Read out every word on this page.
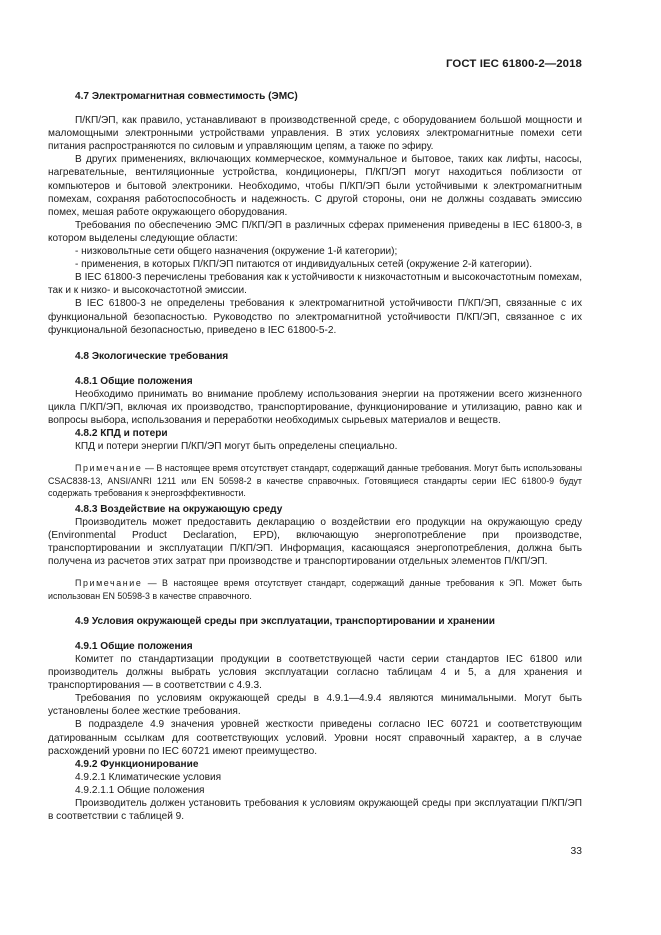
ГОСТ IEC 61800-2—2018

4.7 Электромагнитная совместимость (ЭМС)

П/КП/ЭП, как правило, устанавливают в производственной среде, с оборудованием большой мощности и маломощными электронными устройствами управления. В этих условиях электромагнитные помехи сети питания распространяются по силовым и управляющим цепям, а также по эфиру.

В других применениях, включающих коммерческое, коммунальное и бытовое, таких как лифты, насосы, нагревательные, вентиляционные устройства, кондиционеры, П/КП/ЭП могут находиться поблизости от компьютеров и бытовой электроники. Необходимо, чтобы П/КП/ЭП были устойчивыми к электромагнитным помехам, сохраняя работоспособность и надежность. С другой стороны, они не должны создавать эмиссию помех, мешая работе окружающего оборудования.

Требования по обеспечению ЭМС П/КП/ЭП в различных сферах применения приведены в IEC 61800-3, в котором выделены следующие области:

- низковольтные сети общего назначения (окружение 1-й категории);

- применения, в которых П/КП/ЭП питаются от индивидуальных сетей (окружение 2-й категории).

В IEC 61800-3 перечислены требования как к устойчивости к низкочастотным и высокочастотным помехам, так и к низко- и высокочастотной эмиссии.

В IEC 61800-3 не определены требования к электромагнитной устойчивости П/КП/ЭП, связанные с их функциональной безопасностью. Руководство по электромагнитной устойчивости П/КП/ЭП, связанное с их функциональной безопасностью, приведено в IEC 61800-5-2.

4.8 Экологические требования

4.8.1 Общие положения

Необходимо принимать во внимание проблему использования энергии на протяжении всего жизненного цикла П/КП/ЭП, включая их производство, транспортирование, функционирование и утилизацию, равно как и вопросы выбора, использования и переработки необходимых сырьевых материалов и веществ.

4.8.2 КПД и потери

КПД и потери энергии П/КП/ЭП могут быть определены специально.

Примечание — В настоящее время отсутствует стандарт, содержащий данные требования. Могут быть использованы CSAC838-13, ANSI/ANRI 1211 или EN 50598-2 в качестве справочных. Готовящиеся стандарты серии IEC 61800-9 будут содержать требования к энергоэффективности.

4.8.3 Воздействие на окружающую среду

Производитель может предоставить декларацию о воздействии его продукции на окружающую среду (Environmental Product Declaration, EPD), включающую энергопотребление при производстве, транспортировании и эксплуатации П/КП/ЭП. Информация, касающаяся энергопотребления, должна быть получена из расчетов этих затрат при производстве и транспортировании отдельных элементов П/КП/ЭП.

Примечание — В настоящее время отсутствует стандарт, содержащий данные требования к ЭП. Может быть использован EN 50598-3 в качестве справочного.

4.9 Условия окружающей среды при эксплуатации, транспортировании и хранении

4.9.1 Общие положения

Комитет по стандартизации продукции в соответствующей части серии стандартов IEC 61800 или производитель должны выбрать условия эксплуатации согласно таблицам 4 и 5, а для хранения и транспортирования — в соответствии с 4.9.3.

Требования по условиям окружающей среды в 4.9.1—4.9.4 являются минимальными. Могут быть установлены более жесткие требования.

В подразделе 4.9 значения уровней жесткости приведены согласно IEC 60721 и соответствующим датированным ссылкам для соответствующих условий. Уровни носят справочный характер, а в случае расхождений уровни по IEC 60721 имеют преимущество.

4.9.2 Функционирование

4.9.2.1 Климатические условия

4.9.2.1.1 Общие положения

Производитель должен установить требования к условиям окружающей среды при эксплуатации П/КП/ЭП в соответствии с таблицей 9.

33
